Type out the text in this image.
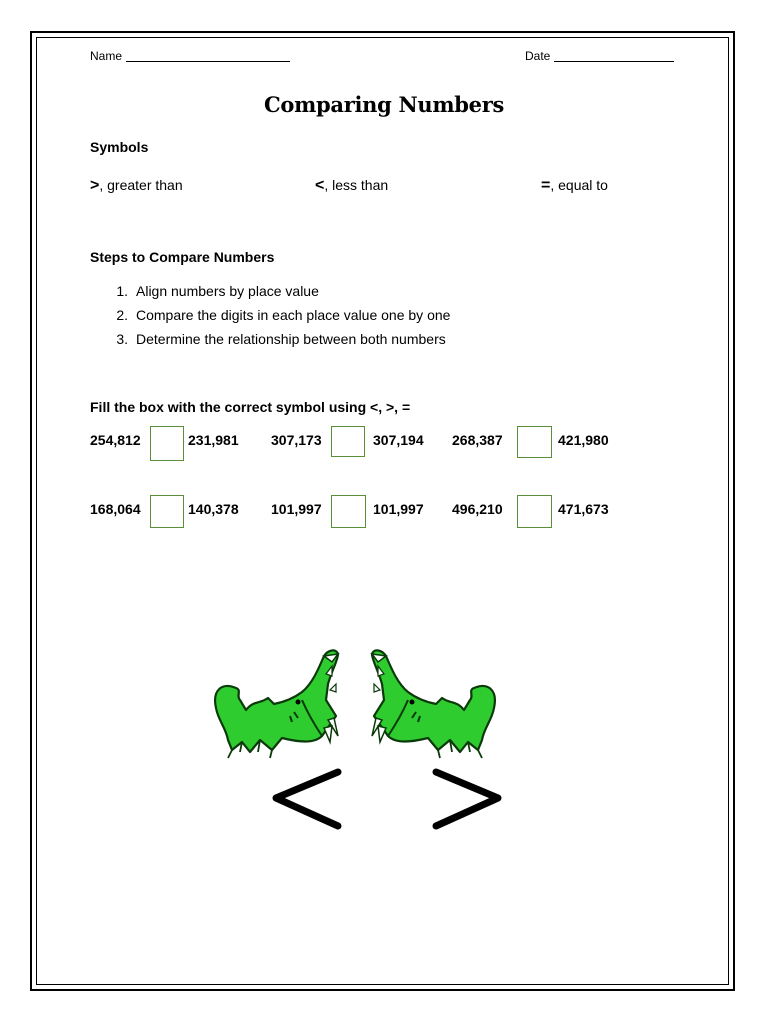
Name	Date
Comparing Numbers
Symbols
>, greater than	<, less than	=, equal to
Steps to Compare Numbers
1. Align numbers by place value
2. Compare the digits in each place value one by one
3. Determine the relationship between both numbers
Fill the box with the correct symbol using <, >, =
254,812	231,981 307,173	307,194 268,387	421,980
168,064	140,378 101,997	101,997 496,210	471,673
